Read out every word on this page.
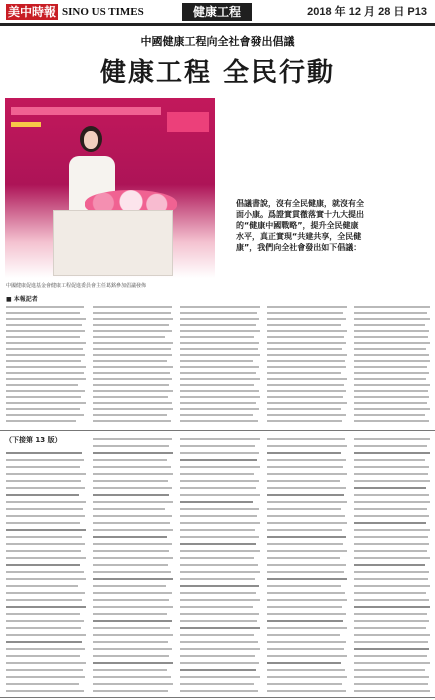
美中時報 SINO US TIMES	健康工程	2018 年 12 月 28 日 P13
中國健康工程向全社會發出倡議
健康工程 全民行動
中國健康促進基金會健康工程促進委員會主任葛銘參加倡議發佈
倡議書說，沒有全民健康，就沒有全面小康。爲證實貫徹落實十九大提出的“健康中國戰略”，提升全民健康水平，真正實現“共建共享，全民健康”，我們向全社會發出如下倡議：
■ 本報記者
（下接第 13 版）
